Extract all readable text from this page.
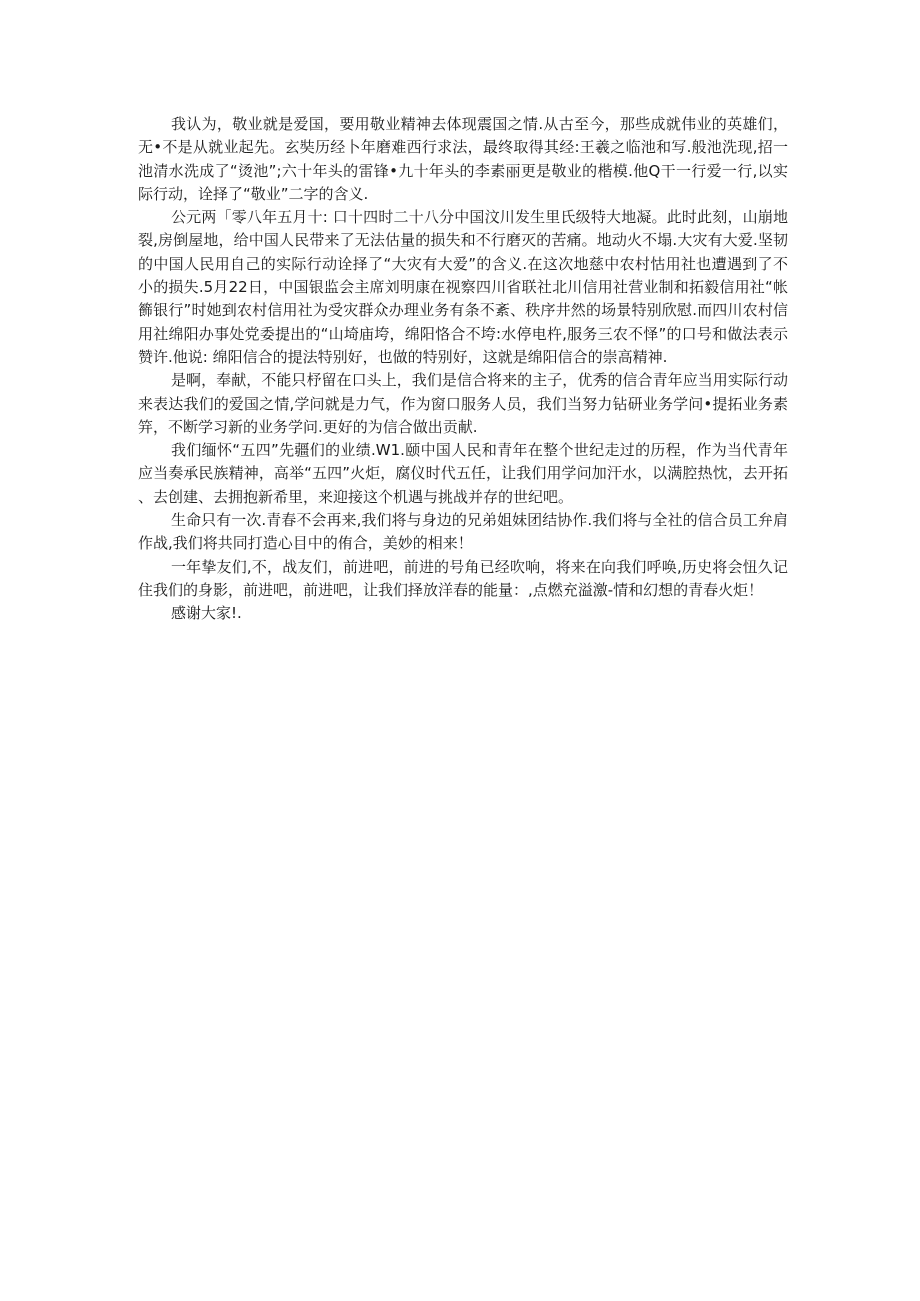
我认为，敬业就是爱国，要用敬业精神去体现震国之情.从古至今，那些成就伟业的英雄们，无•不是从就业起先。玄奘历经卜年磨难西行求法，最终取得其经:王羲之临池和写.般池洗现,招一池清水洗成了“烫池”;六十年头的雷锋•九十年头的李素丽更是敬业的楷模.他Q干一行爱一行,以实际行动，诠择了“敬业”二字的含义.

公元两「零八年五月十: 口十四时二十八分中国汶川发生里氏级特大地凝。此时此刻，山崩地裂,房倒屋地，给中国人民带来了无法估量的损失和不行磨灭的苦痛。地动火不塌.大灾有大爱.坚韧的中国人民用自己的实际行动诠择了“大灾有大爱”的含义.在这次地慈中农村怙用社也遭遇到了不小的损失.5月22日，中国银监会主席刘明康在视察四川省联社北川信用社营业制和拓毅信用社“帐籂银行”时她到农村信用社为受灾群众办理业务有条不紊、秩序井然的场景特别欣慰.而四川农村信用社绵阳办事处党委提出的“山埼庙垮，绵阳恪合不垮:水停电杵,服务三农不怿”的口号和做法表示赞许.他说: 绵阳信合的提法特别好，也做的特别好，这就是绵阳信合的崇高精神.

是啊，奉献，不能只杼留在口头上，我们是信合将来的主子，优秀的信合青年应当用实际行动来表达我们的爱国之情,学问就是力气，作为窗口服务人员，我们当努力钻研业务学问•提拓业务素笄，不断学习新的业务学问.更好的为信合做出贡献.

我们缅怀“五四”先疆们的业绩.W1.颐中国人民和青年在整个世纪走过的历程，作为当代青年应当奏承民族精神，高举“五四”火炬，腐仪时代五任，让我们用学问加汗水，以满腔热忱，去开拓、去创建、去拥抱新希里，来迎接这个机遇与挑战并存的世纪吧。

生命只有一次.青春不会再来,我们将与身边的兄弟姐妹团结协作.我们将与全社的信合员工弁肩作战,我们将共同打造心目中的侑合，美妙的相来！

一年挚友们,不，战友们，前进吧，前进的号角已经吹响，将来在向我们呼唤,历史将会忸久记住我们的身影，前进吧，前进吧，让我们择放洋春的能量：,点燃充溢激-情和幻想的青春火炬！

感谢大家!.
